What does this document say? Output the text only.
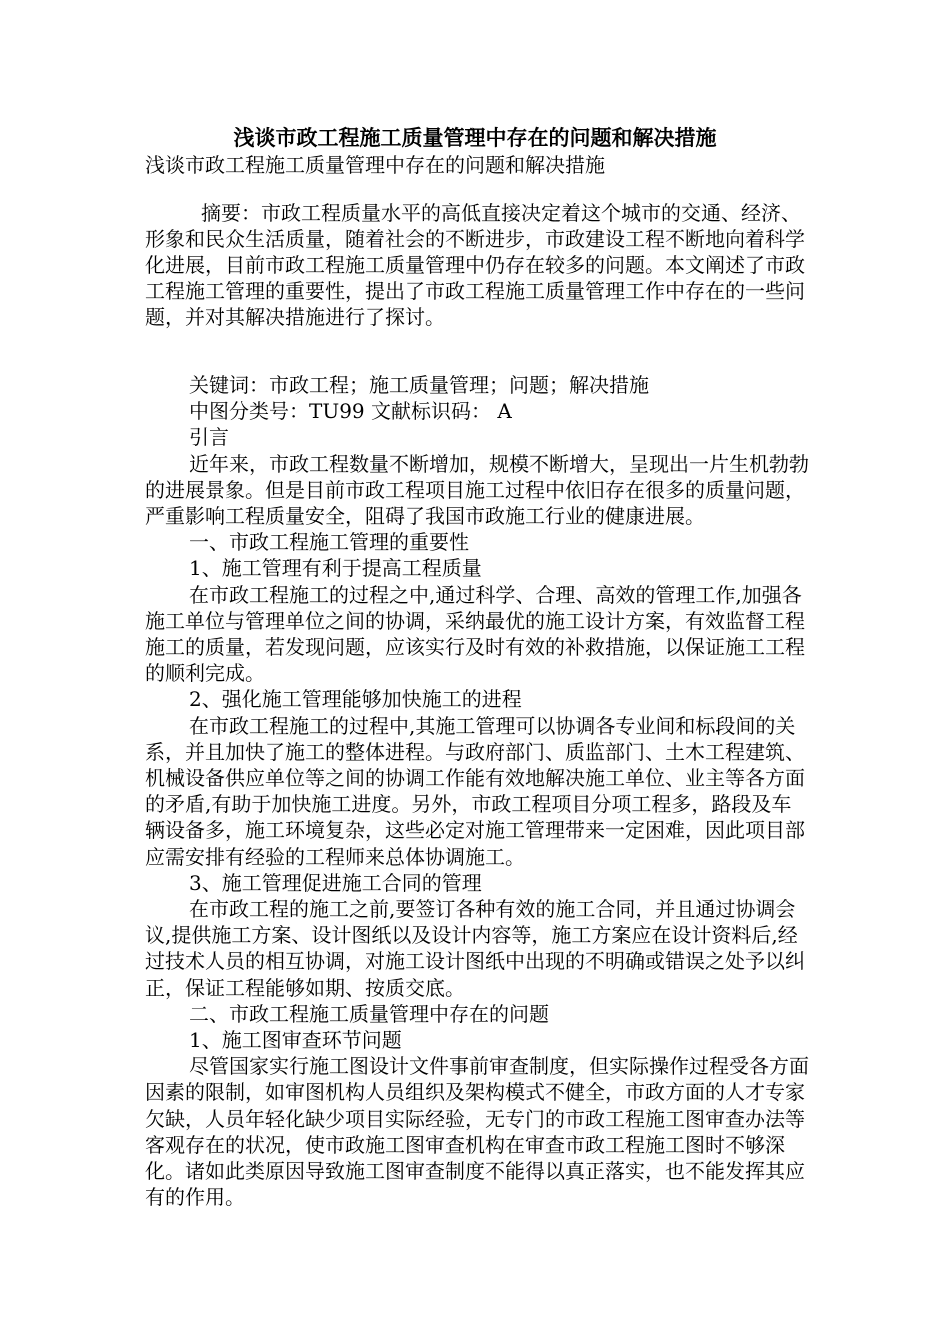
浅谈市政工程施工质量管理中存在的问题和解决措施
浅谈市政工程施工质量管理中存在的问题和解决措施

摘要：市政工程质量水平的高低直接决定着这个城市的交通、经济、形象和民众生活质量，随着社会的不断进步，市政建设工程不断地向着科学化进展，目前市政工程施工质量管理中仍存在较多的问题。本文阐述了市政工程施工管理的重要性，提出了市政工程施工质量管理工作中存在的一些问题，并对其解决措施进行了探讨。

关键词：市政工程；施工质量管理；问题；解决措施

中图分类号：TU99 文献标识码： A

引言

近年来，市政工程数量不断增加，规模不断增大，呈现出一片生机勃勃的进展景象。但是目前市政工程项目施工过程中依旧存在很多的质量问题，严重影响工程质量安全，阻碍了我国市政施工行业的健康进展。

一、市政工程施工管理的重要性

1、施工管理有利于提高工程质量

在市政工程施工的过程之中,通过科学、合理、高效的管理工作,加强各施工单位与管理单位之间的协调，采纳最优的施工设计方案，有效监督工程施工的质量，若发现问题，应该实行及时有效的补救措施，以保证施工工程的顺利完成。

2、强化施工管理能够加快施工的进程

在市政工程施工的过程中,其施工管理可以协调各专业间和标段间的关系，并且加快了施工的整体进程。与政府部门、质监部门、土木工程建筑、机械设备供应单位等之间的协调工作能有效地解决施工单位、业主等各方面的矛盾,有助于加快施工进度。另外，市政工程项目分项工程多，路段及车辆设备多，施工环境复杂，这些必定对施工管理带来一定困难，因此项目部应需安排有经验的工程师来总体协调施工。

3、施工管理促进施工合同的管理

在市政工程的施工之前,要签订各种有效的施工合同，并且通过协调会议,提供施工方案、设计图纸以及设计内容等，施工方案应在设计资料后,经过技术人员的相互协调，对施工设计图纸中出现的不明确或错误之处予以纠正，保证工程能够如期、按质交底。

二、市政工程施工质量管理中存在的问题

1、施工图审查环节问题

尽管国家实行施工图设计文件事前审查制度，但实际操作过程受各方面因素的限制，如审图机构人员组织及架构模式不健全，市政方面的人才专家欠缺，人员年轻化缺少项目实际经验，无专门的市政工程施工图审查办法等客观存在的状况，使市政施工图审查机构在审查市政工程施工图时不够深化。诸如此类原因导致施工图审查制度不能得以真正落实，也不能发挥其应有的作用。
